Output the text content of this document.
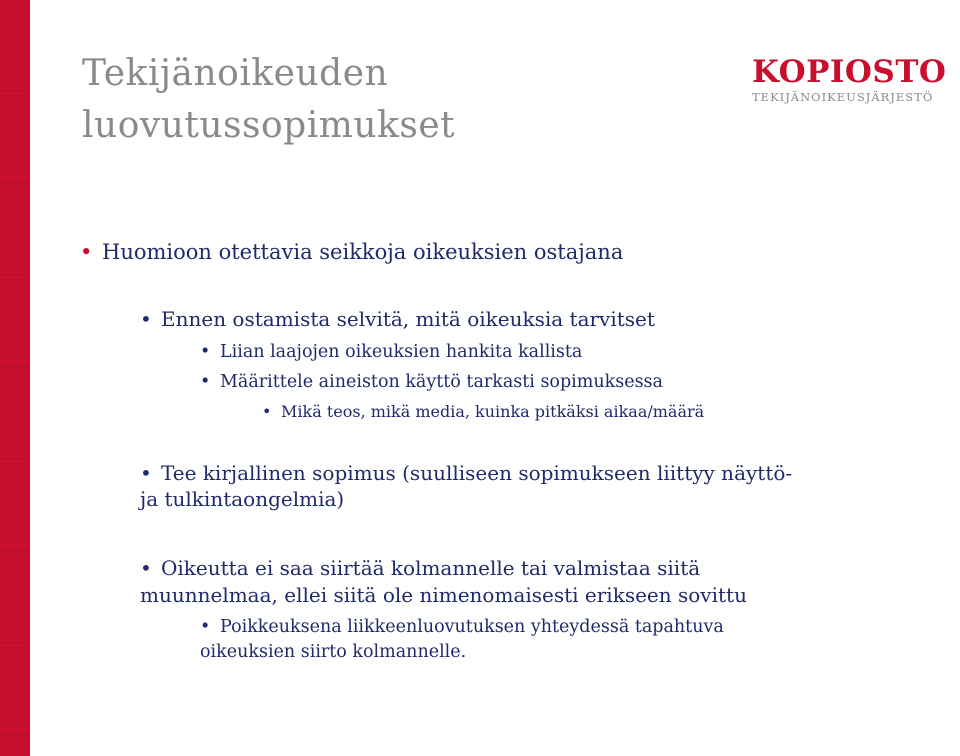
Tekijänoikeuden
luovutussopimukset
KOPIOSTO
TEKIJÄNOIKEUSJÄRJESTÖ
• Huomioon otettavia seikkoja oikeuksien ostajana
• Ennen ostamista selvitä, mitä oikeuksia tarvitset
• Liian laajojen oikeuksien hankita kallista
• Määrittele aineiston käyttö tarkasti sopimuksessa
• Mikä teos, mikä media, kuinka pitkäksi aikaa/määrä
• Tee kirjallinen sopimus (suulliseen sopimukseen liittyy näyttö-
ja tulkintaongelmia)
• Oikeutta ei saa siirtää kolmannelle tai valmistaa siitä
muunnelmaa, ellei siitä ole nimenomaisesti erikseen sovittu
• Poikkeuksena liikkeenluovutuksen yhteydessä tapahtuva
oikeuksien siirto kolmannelle.
